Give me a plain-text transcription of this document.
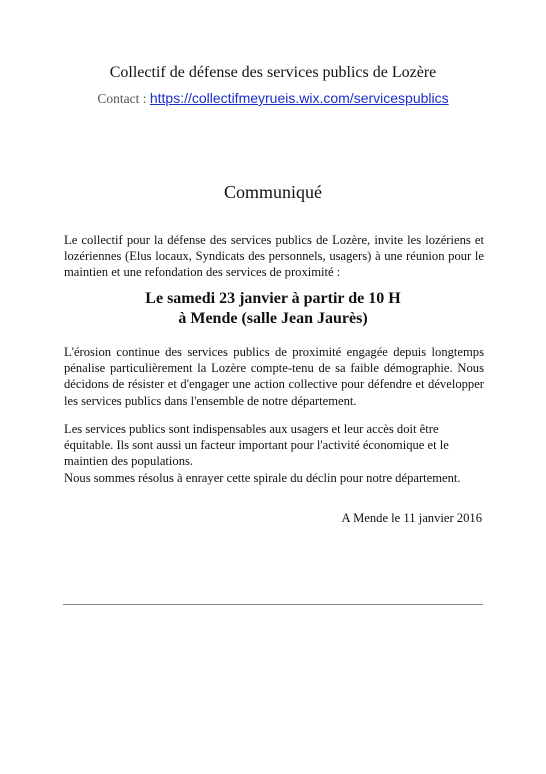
Collectif de défense des services publics de Lozère
Contact : https://collectifmeyrueis.wix.com/servicespublics
Communiqué

Le collectif pour la défense des services publics de Lozère, invite les lozériens et lozériennes (Elus locaux, Syndicats des personnels, usagers) à une réunion pour le maintien et une refondation des services de proximité :

Le samedi 23 janvier à partir de 10 H
à Mende (salle Jean Jaurès)

L'érosion continue des services publics de proximité engagée depuis longtemps pénalise particulièrement la Lozère compte-tenu de sa faible démographie. Nous décidons de résister et d'engager une action collective pour défendre et développer les services publics dans l'ensemble de notre département.

Les services publics sont indispensables aux usagers et leur accès doit être
équitable. Ils sont aussi un facteur important pour l'activité économique et le
maintien des populations.
Nous sommes résolus à enrayer cette spirale du déclin pour notre département.

A Mende le 11 janvier 2016
